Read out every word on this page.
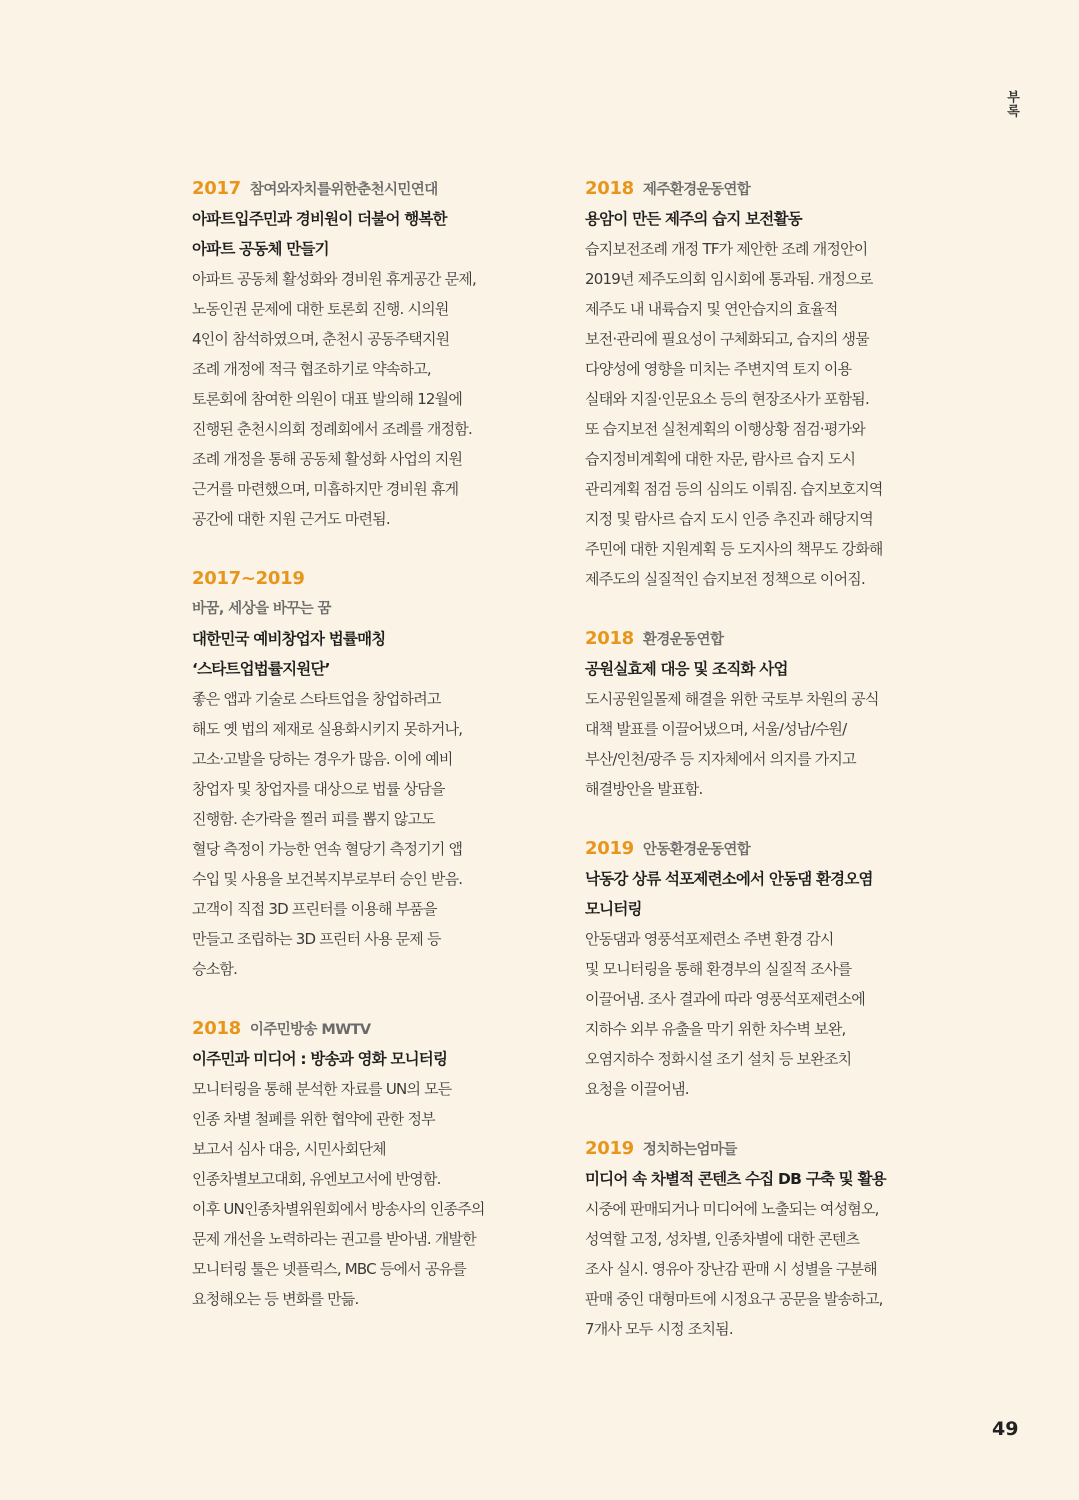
부록
2017 참여와자치를위한춘천시민연대
아파트입주민과 경비원이 더불어 행복한
아파트 공동체 만들기
아파트 공동체 활성화와 경비원 휴게공간 문제,
노동인권 문제에 대한 토론회 진행. 시의원
4인이 참석하였으며, 춘천시 공동주택지원
조례 개정에 적극 협조하기로 약속하고,
토론회에 참여한 의원이 대표 발의해 12월에
진행된 춘천시의회 정례회에서 조례를 개정함.
조례 개정을 통해 공동체 활성화 사업의 지원
근거를 마련했으며, 미흡하지만 경비원 휴게
공간에 대한 지원 근거도 마련됨.
2017~2019
바꿈, 세상을 바꾸는 꿈
대한민국 예비창업자 법률매칭
‘스타트업법률지원단’
좋은 앱과 기술로 스타트업을 창업하려고
해도 옛 법의 제재로 실용화시키지 못하거나,
고소·고발을 당하는 경우가 많음. 이에 예비
창업자 및 창업자를 대상으로 법률 상담을
진행함. 손가락을 찔러 피를 뽑지 않고도
혈당 측정이 가능한 연속 혈당기 측정기기 앱
수입 및 사용을 보건복지부로부터 승인 받음.
고객이 직접 3D 프린터를 이용해 부품을
만들고 조립하는 3D 프린터 사용 문제 등
승소함.
2018 이주민방송 MWTV
이주민과 미디어 : 방송과 영화 모니터링
모니터링을 통해 분석한 자료를 UN의 모든
인종 차별 철폐를 위한 협약에 관한 정부
보고서 심사 대응, 시민사회단체
인종차별보고대회, 유엔보고서에 반영함.
이후 UN인종차별위원회에서 방송사의 인종주의
문제 개선을 노력하라는 권고를 받아냄. 개발한
모니터링 툴은 넷플릭스, MBC 등에서 공유를
요청해오는 등 변화를 만듦.
2018 제주환경운동연합
용암이 만든 제주의 습지 보전활동
습지보전조례 개정 TF가 제안한 조례 개정안이
2019년 제주도의회 임시회에 통과됨. 개정으로
제주도 내 내륙습지 및 연안습지의 효율적
보전·관리에 필요성이 구체화되고, 습지의 생물
다양성에 영향을 미치는 주변지역 토지 이용
실태와 지질·인문요소 등의 현장조사가 포함됨.
또 습지보전 실천계획의 이행상황 점검·평가와
습지정비계획에 대한 자문, 람사르 습지 도시
관리계획 점검 등의 심의도 이뤄짐. 습지보호지역
지정 및 람사르 습지 도시 인증 추진과 해당지역
주민에 대한 지원계획 등 도지사의 책무도 강화해
제주도의 실질적인 습지보전 정책으로 이어짐.
2018 환경운동연합
공원실효제 대응 및 조직화 사업
도시공원일몰제 해결을 위한 국토부 차원의 공식
대책 발표를 이끌어냈으며, 서울/성남/수원/
부산/인천/광주 등 지자체에서 의지를 가지고
해결방안을 발표함.
2019 안동환경운동연합
낙동강 상류 석포제련소에서 안동댐 환경오염
모니터링
안동댐과 영풍석포제련소 주변 환경 감시
및 모니터링을 통해 환경부의 실질적 조사를
이끌어냄. 조사 결과에 따라 영풍석포제련소에
지하수 외부 유출을 막기 위한 차수벽 보완,
오염지하수 정화시설 조기 설치 등 보완조치
요청을 이끌어냄.
2019 정치하는엄마들
미디어 속 차별적 콘텐츠 수집 DB 구축 및 활용
시중에 판매되거나 미디어에 노출되는 여성혐오,
성역할 고정, 성차별, 인종차별에 대한 콘텐츠
조사 실시. 영유아 장난감 판매 시 성별을 구분해
판매 중인 대형마트에 시정요구 공문을 발송하고,
7개사 모두 시정 조치됨.
49
